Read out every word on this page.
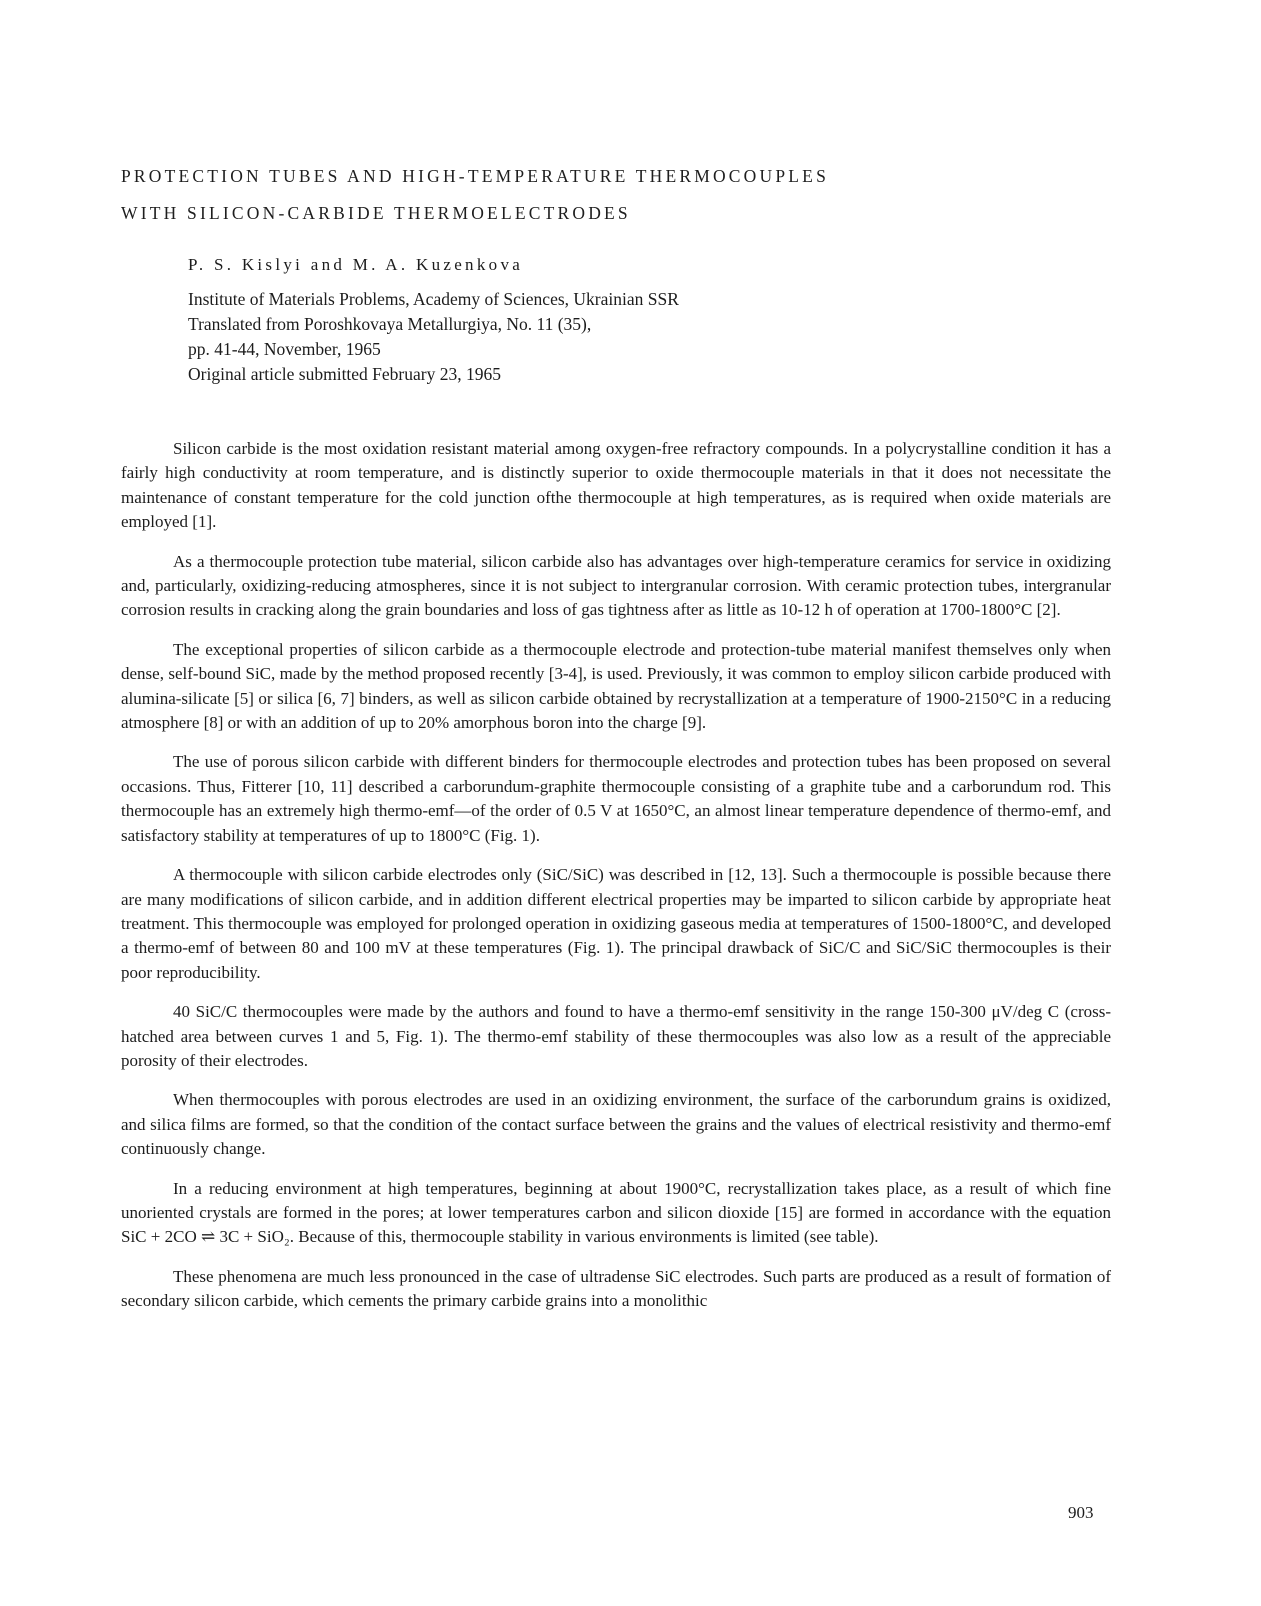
PROTECTION TUBES AND HIGH-TEMPERATURE THERMOCOUPLES
WITH SILICON-CARBIDE THERMOELECTRODES
P. S. Kislyi and M. A. Kuzenkova
Institute of Materials Problems, Academy of Sciences, Ukrainian SSR
Translated from Poroshkovaya Metallurgiya, No. 11 (35),
pp. 41-44, November, 1965
Original article submitted February 23, 1965

Silicon carbide is the most oxidation resistant material among oxygen-free refractory compounds. In a polycrystalline condition it has a fairly high conductivity at room temperature, and is distinctly superior to oxide thermocouple materials in that it does not necessitate the maintenance of constant temperature for the cold junction ofthe thermocouple at high temperatures, as is required when oxide materials are employed [1].

As a thermocouple protection tube material, silicon carbide also has advantages over high-temperature ceramics for service in oxidizing and, particularly, oxidizing-reducing atmospheres, since it is not subject to intergranular corrosion. With ceramic protection tubes, intergranular corrosion results in cracking along the grain boundaries and loss of gas tightness after as little as 10-12 h of operation at 1700-1800°C [2].

The exceptional properties of silicon carbide as a thermocouple electrode and protection-tube material manifest themselves only when dense, self-bound SiC, made by the method proposed recently [3-4], is used. Previously, it was common to employ silicon carbide produced with alumina-silicate [5] or silica [6, 7] binders, as well as silicon carbide obtained by recrystallization at a temperature of 1900-2150°C in a reducing atmosphere [8] or with an addition of up to 20% amorphous boron into the charge [9].

The use of porous silicon carbide with different binders for thermocouple electrodes and protection tubes has been proposed on several occasions. Thus, Fitterer [10, 11] described a carborundum-graphite thermocouple consisting of a graphite tube and a carborundum rod. This thermocouple has an extremely high thermo-emf—of the order of 0.5 V at 1650°C, an almost linear temperature dependence of thermo-emf, and satisfactory stability at temperatures of up to 1800°C (Fig. 1).

A thermocouple with silicon carbide electrodes only (SiC/SiC) was described in [12, 13]. Such a thermocouple is possible because there are many modifications of silicon carbide, and in addition different electrical properties may be imparted to silicon carbide by appropriate heat treatment. This thermocouple was employed for prolonged operation in oxidizing gaseous media at temperatures of 1500-1800°C, and developed a thermo-emf of between 80 and 100 mV at these temperatures (Fig. 1). The principal drawback of SiC/C and SiC/SiC thermocouples is their poor reproducibility.

40 SiC/C thermocouples were made by the authors and found to have a thermo-emf sensitivity in the range 150-300 μV/deg C (cross-hatched area between curves 1 and 5, Fig. 1). The thermo-emf stability of these thermocouples was also low as a result of the appreciable porosity of their electrodes.

When thermocouples with porous electrodes are used in an oxidizing environment, the surface of the carborundum grains is oxidized, and silica films are formed, so that the condition of the contact surface between the grains and the values of electrical resistivity and thermo-emf continuously change.

In a reducing environment at high temperatures, beginning at about 1900°C, recrystallization takes place, as a result of which fine unoriented crystals are formed in the pores; at lower temperatures carbon and silicon dioxide [15] are formed in accordance with the equation SiC + 2CO ⇌ 3C + SiO₂. Because of this, thermocouple stability in various environments is limited (see table).

These phenomena are much less pronounced in the case of ultradense SiC electrodes. Such parts are produced as a result of formation of secondary silicon carbide, which cements the primary carbide grains into a monolithic

903
